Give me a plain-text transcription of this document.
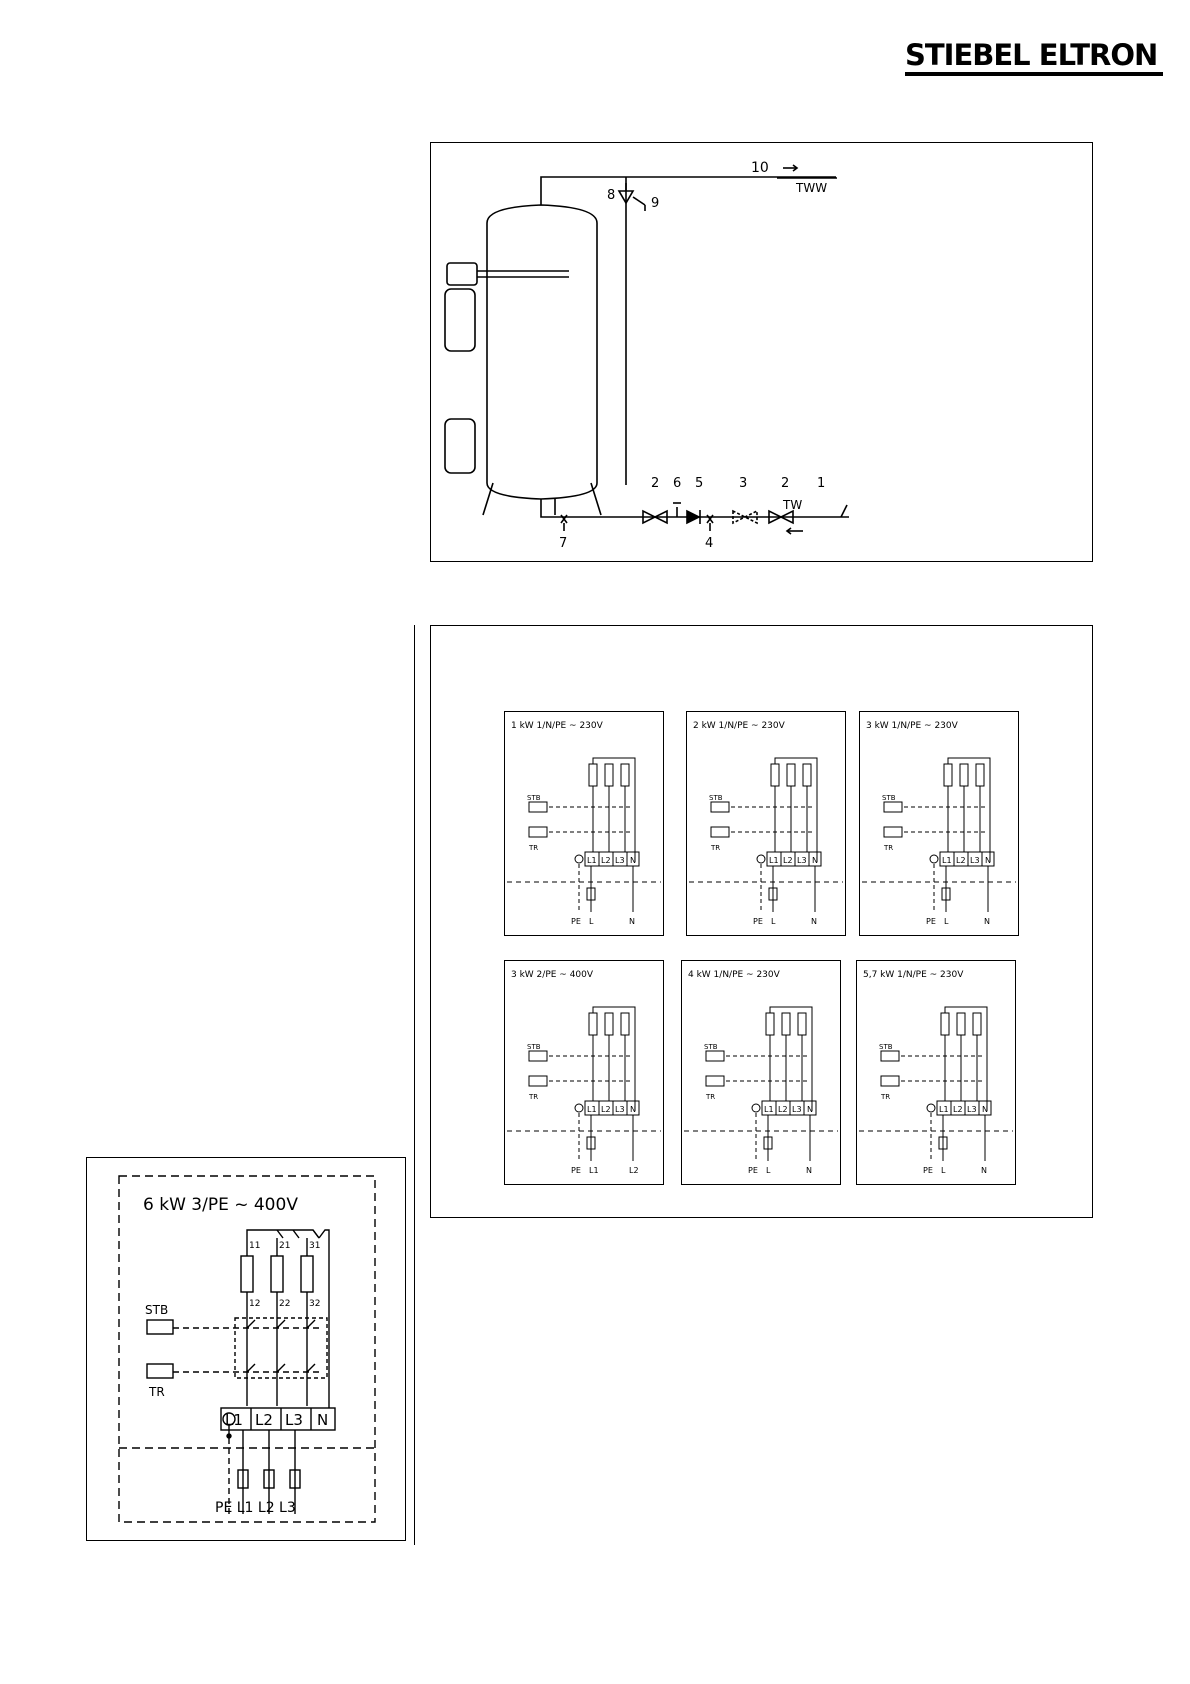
STIEBEL ELTRON
10
TWW
8
9
2 6 5	3	2 1
TW
7	4
1 kW 1/N/PE ~ 230V
STB
TR
L1 L2 L3 N
PE L	N
2 kW 1/N/PE ~ 230V
STB
TR
L1 L2 L3 N
PE L	N
3 kW 1/N/PE ~ 230V
STB
TR
L1 L2 L3 N
PE L	N
3 kW 2/PE ~ 400V
STB
TR
L1 L2 L3 N
PE L1	L2
4 kW 1/N/PE ~ 230V
STB
TR
L1 L2 L3 N
PE L	N
5,7 kW 1/N/PE ~ 230V
STB
TR
L1 L2 L3 N
PE L	N
6 kW 3/PE ~ 400V
STB
TR
L1 L2 L3 N
11 21 31
12 22 32
PE L1 L2 L3
